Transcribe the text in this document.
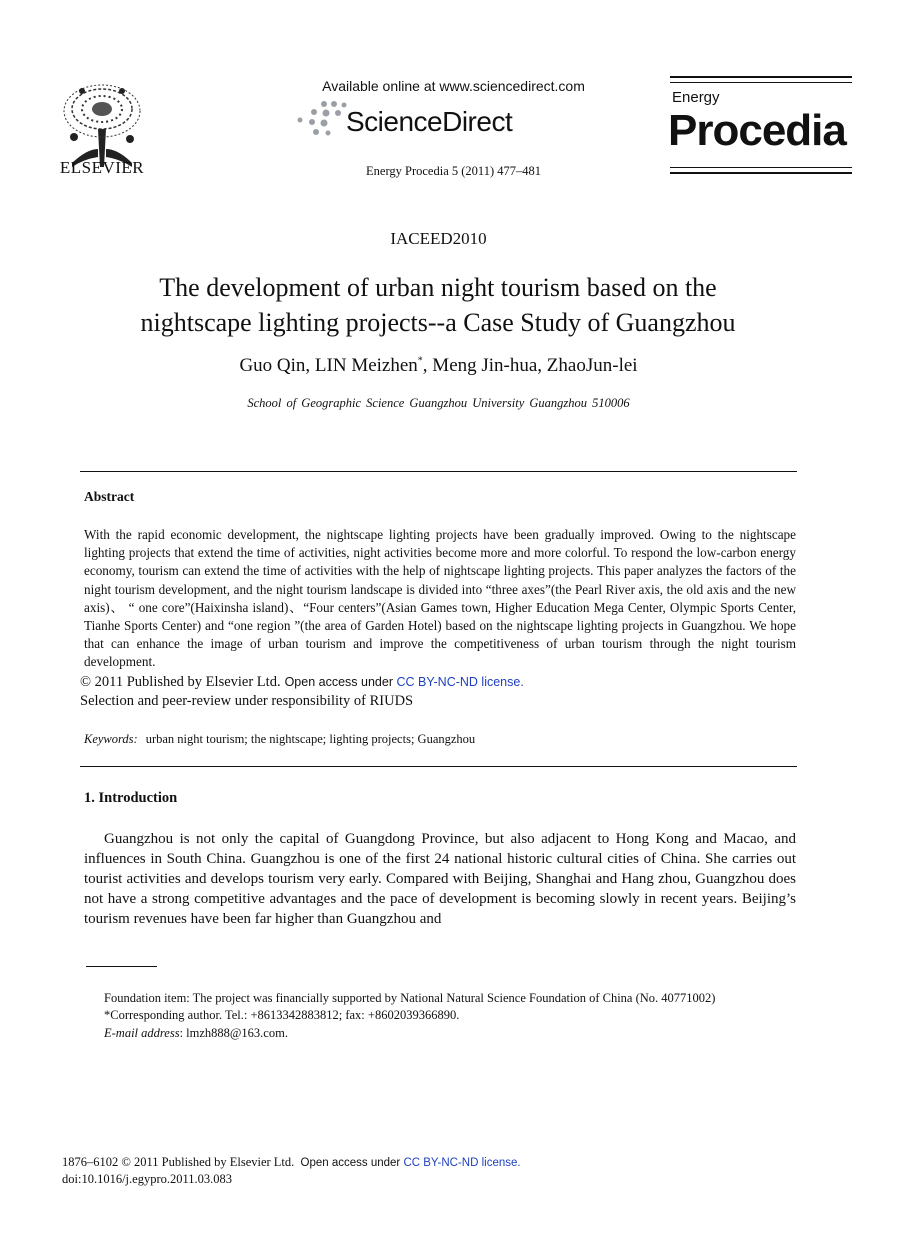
ELSEVIER
Available online at www.sciencedirect.com
ScienceDirect
Energy Procedia 5 (2011) 477–481
Energy
Procedia
IACEED2010
The development of urban night tourism based on the
nightscape lighting projects--a Case Study of Guangzhou
Guo Qin, LIN Meizhen*, Meng Jin-hua, ZhaoJun-lei
School of Geographic Science Guangzhou University Guangzhou 510006
Abstract
With the rapid economic development, the nightscape lighting projects have been gradually improved. Owing to the nightscape lighting projects that extend the time of activities, night activities become more and more colorful. To respond the low-carbon energy economy, tourism can extend the time of activities with the help of nightscape lighting projects. This paper analyzes the factors of the night tourism development, and the night tourism landscape is divided into “three axes”(the Pearl River axis, the old axis and the new axis)、 “ one core”(Haixinsha island)、“Four centers”(Asian Games town, Higher Education Mega Center, Olympic Sports Center, Tianhe Sports Center) and “one region ”(the area of Garden Hotel) based on the nightscape lighting projects in Guangzhou. We hope that can enhance the image of urban tourism and improve the competitiveness of urban tourism through the night tourism development.
© 2011 Published by Elsevier Ltd. Open access under CC BY-NC-ND license.
Selection and peer-review under responsibility of RIUDS
Keywords: urban night tourism; the nightscape; lighting projects; Guangzhou
1. Introduction
Guangzhou is not only the capital of Guangdong Province, but also adjacent to Hong Kong and Macao, and influences in South China. Guangzhou is one of the first 24 national historic cultural cities of China. She carries out tourist activities and develops tourism very early. Compared with Beijing, Shanghai and Hang zhou, Guangzhou does not have a strong competitive advantages and the pace of development is becoming slowly in recent years. Beijing’s tourism revenues have been far higher than Guangzhou and
Foundation item: The project was financially supported by National Natural Science Foundation of China (No. 40771002)
*Corresponding author. Tel.: +8613342883812; fax: +8602039366890.
E-mail address: lmzh888@163.com.
1876–6102 © 2011 Published by Elsevier Ltd. Open access under CC BY-NC-ND license.
doi:10.1016/j.egypro.2011.03.083
